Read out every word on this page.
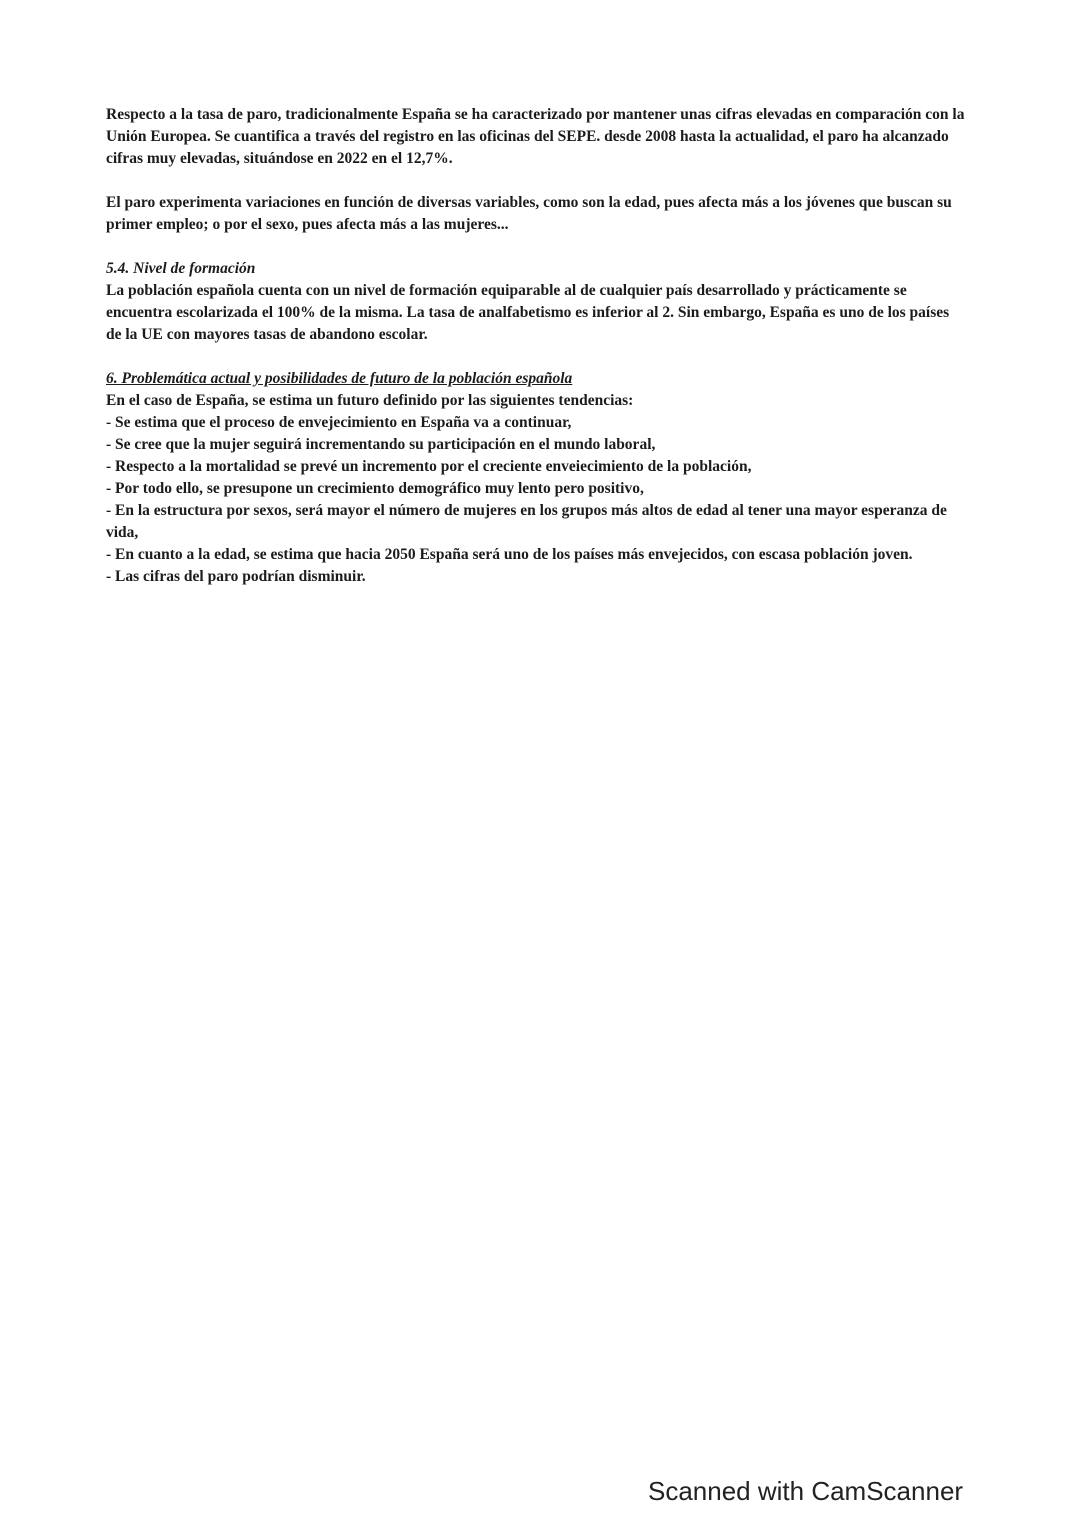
Respecto a la tasa de paro, tradicionalmente España se ha caracterizado por mantener unas cifras elevadas en comparación con la Unión Europea. Se cuantifica a través del registro en las oficinas del SEPE. desde 2008 hasta la actualidad, el paro ha alcanzado cifras muy elevadas, situándose en 2022 en el 12,7%.

El paro experimenta variaciones en función de diversas variables, como son la edad, pues afecta más a los jóvenes que buscan su primer empleo; o por el sexo, pues afecta más a las mujeres...

5.4. Nivel de formación

La población española cuenta con un nivel de formación equiparable al de cualquier país desarrollado y prácticamente se encuentra escolarizada el 100% de la misma. La tasa de analfabetismo es inferior al 2. Sin embargo, España es uno de los países de la UE con mayores tasas de abandono escolar.

6. Problemática actual y posibilidades de futuro de la población española

En el caso de España, se estima un futuro definido por las siguientes tendencias:

- Se estima que el proceso de envejecimiento en España va a continuar,
- Se cree que la mujer seguirá incrementando su participación en el mundo laboral,
- Respecto a la mortalidad se prevé un incremento por el creciente enveiecimiento de la población,
- Por todo ello, se presupone un crecimiento demográfico muy lento pero positivo,
- En la estructura por sexos, será mayor el número de mujeres en los grupos más altos de edad al tener una mayor esperanza de vida,
- En cuanto a la edad, se estima que hacia 2050 España será uno de los países más envejecidos, con escasa población joven.
- Las cifras del paro podrían disminuir.
Scanned with CamScanner
